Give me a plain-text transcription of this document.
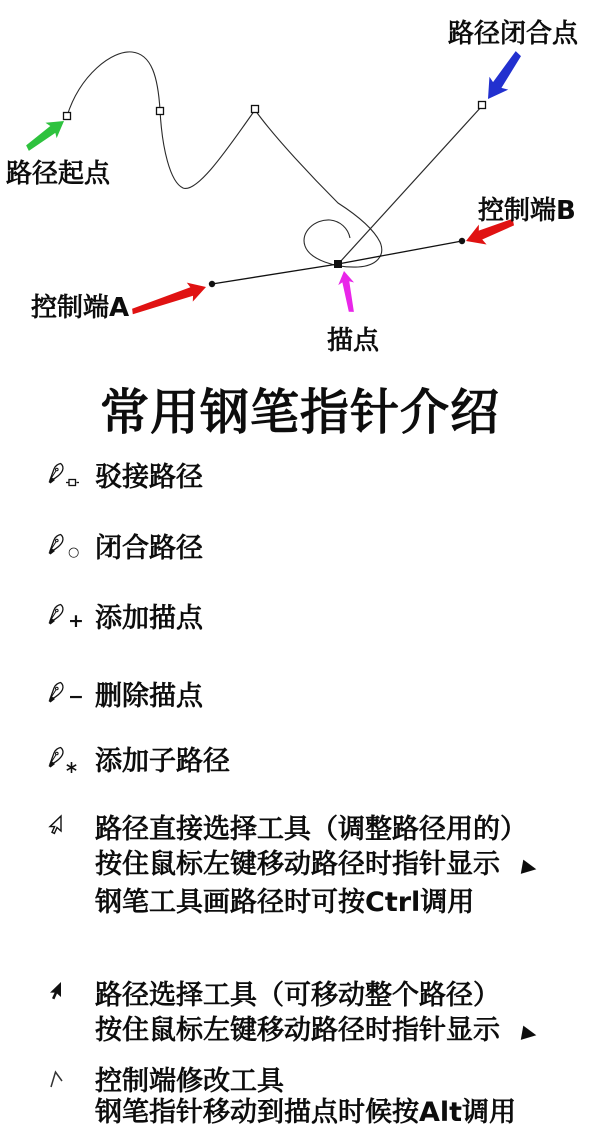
路径闭合点
路径起点
控制端B
控制端A
描点
常用钢笔指针介绍
驳接路径
○ 闭合路径
+ 添加描点
− 删除描点
添加子路径
路径直接选择工具（调整路径用的）
按住鼠标左键移动路径时指针显示 ▶
钢笔工具画路径时可按Ctrl调用
路径选择工具（可移动整个路径）
按住鼠标左键移动路径时指针显示 ▶
控制端修改工具
钢笔指针移动到描点时候按Alt调用
